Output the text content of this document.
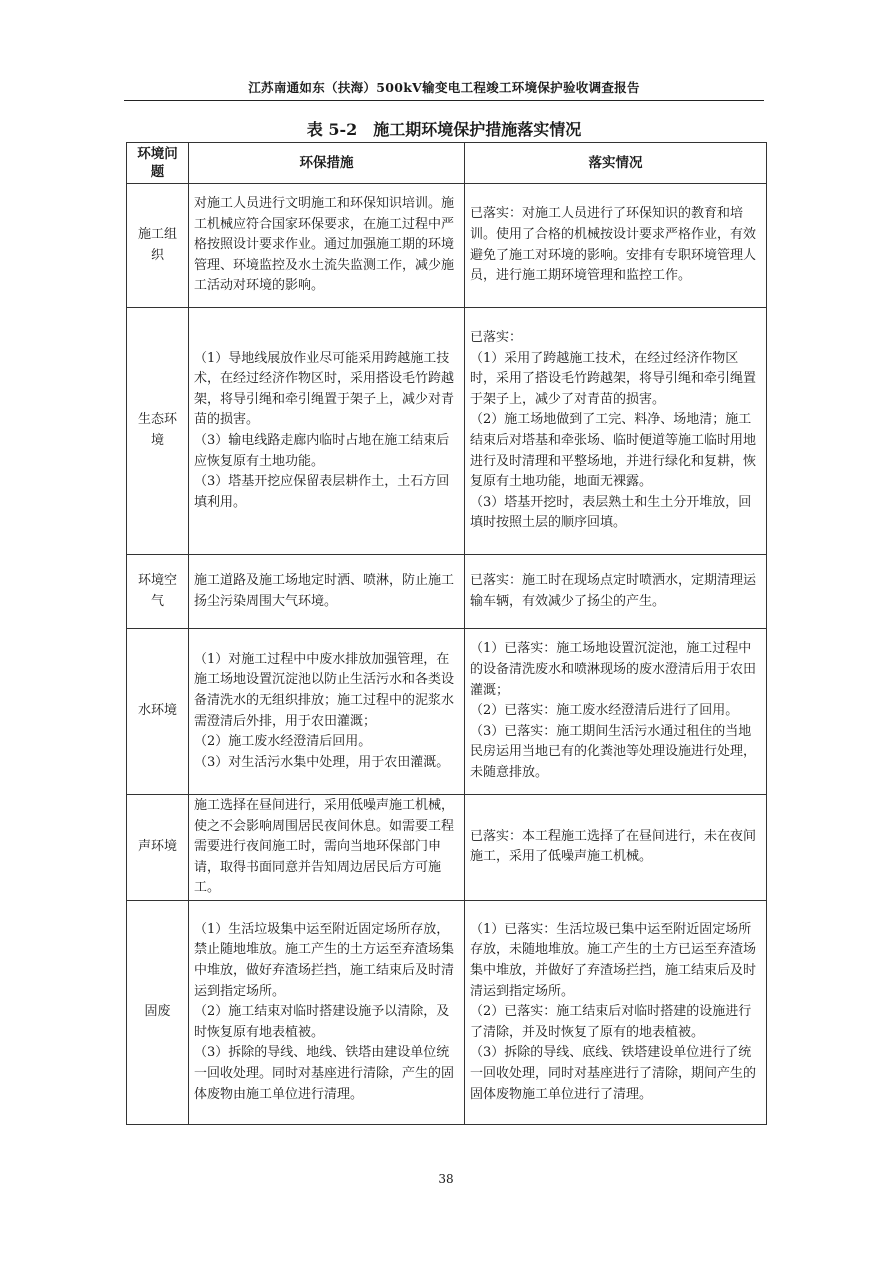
江苏南通如东（扶海）500kV输变电工程竣工环境保护验收调查报告
表 5-2　施工期环境保护措施落实情况
环境问题	环保措施	落实情况
施工组织	对施工人员进行文明施工和环保知识培训。施工机械应符合国家环保要求，在施工过程中严格按照设计要求作业。通过加强施工期的环境管理、环境监控及水土流失监测工作，减少施工活动对环境的影响。	已落实：对施工人员进行了环保知识的教育和培训。使用了合格的机械按设计要求严格作业，有效避免了施工对环境的影响。安排有专职环境管理人员，进行施工期环境管理和监控工作。

生态环境	（1）导地线展放作业尽可能采用跨越施工技术，在经过经济作物区时，采用搭设毛竹跨越架，将导引绳和牵引绳置于架子上，减少对青苗的损害。
（3）输电线路走廊内临时占地在施工结束后应恢复原有土地功能。
（3）塔基开挖应保留表层耕作土，土石方回填利用。	已落实：
（1）采用了跨越施工技术，在经过经济作物区时，采用了搭设毛竹跨越架，将导引绳和牵引绳置于架子上，减少了对青苗的损害。
（2）施工场地做到了工完、料净、场地清；施工结束后对塔基和牵张场、临时便道等施工临时用地进行及时清理和平整场地，并进行绿化和复耕，恢复原有土地功能，地面无裸露。
（3）塔基开挖时，表层熟土和生土分开堆放，回填时按照土层的顺序回填。

环境空气	施工道路及施工场地定时洒、喷淋，防止施工扬尘污染周围大气环境。	已落实：施工时在现场点定时喷洒水，定期清理运输车辆，有效减少了扬尘的产生。

水环境	（1）对施工过程中中废水排放加强管理，在施工场地设置沉淀池以防止生活污水和各类设备清洗水的无组织排放；施工过程中的泥浆水需澄清后外排，用于农田灌溉；
（2）施工废水经澄清后回用。
（3）对生活污水集中处理，用于农田灌溉。	（1）已落实：施工场地设置沉淀池，施工过程中的设备清洗废水和喷淋现场的废水澄清后用于农田灌溉；
（2）已落实：施工废水经澄清后进行了回用。
（3）已落实：施工期间生活污水通过租住的当地民房运用当地已有的化粪池等处理设施进行处理，未随意排放。

声环境	施工选择在昼间进行，采用低噪声施工机械，使之不会影响周围居民夜间休息。如需要工程需要进行夜间施工时，需向当地环保部门申请，取得书面同意并告知周边居民后方可施工。	已落实：本工程施工选择了在昼间进行，未在夜间施工，采用了低噪声施工机械。

固废	（1）生活垃圾集中运至附近固定场所存放，禁止随地堆放。施工产生的土方运至弃渣场集中堆放，做好弃渣场拦挡，施工结束后及时清运到指定场所。
（2）施工结束对临时搭建设施予以清除，及时恢复原有地表植被。
（3）拆除的导线、地线、铁塔由建设单位统一回收处理。同时对基座进行清除，产生的固体废物由施工单位进行清理。	（1）已落实：生活垃圾已集中运至附近固定场所存放，未随地堆放。施工产生的土方已运至弃渣场集中堆放，并做好了弃渣场拦挡，施工结束后及时清运到指定场所。
（2）已落实：施工结束后对临时搭建的设施进行了清除，并及时恢复了原有的地表植被。
（3）拆除的导线、底线、铁塔建设单位进行了统一回收处理，同时对基座进行了清除，期间产生的固体废物施工单位进行了清理。
38
